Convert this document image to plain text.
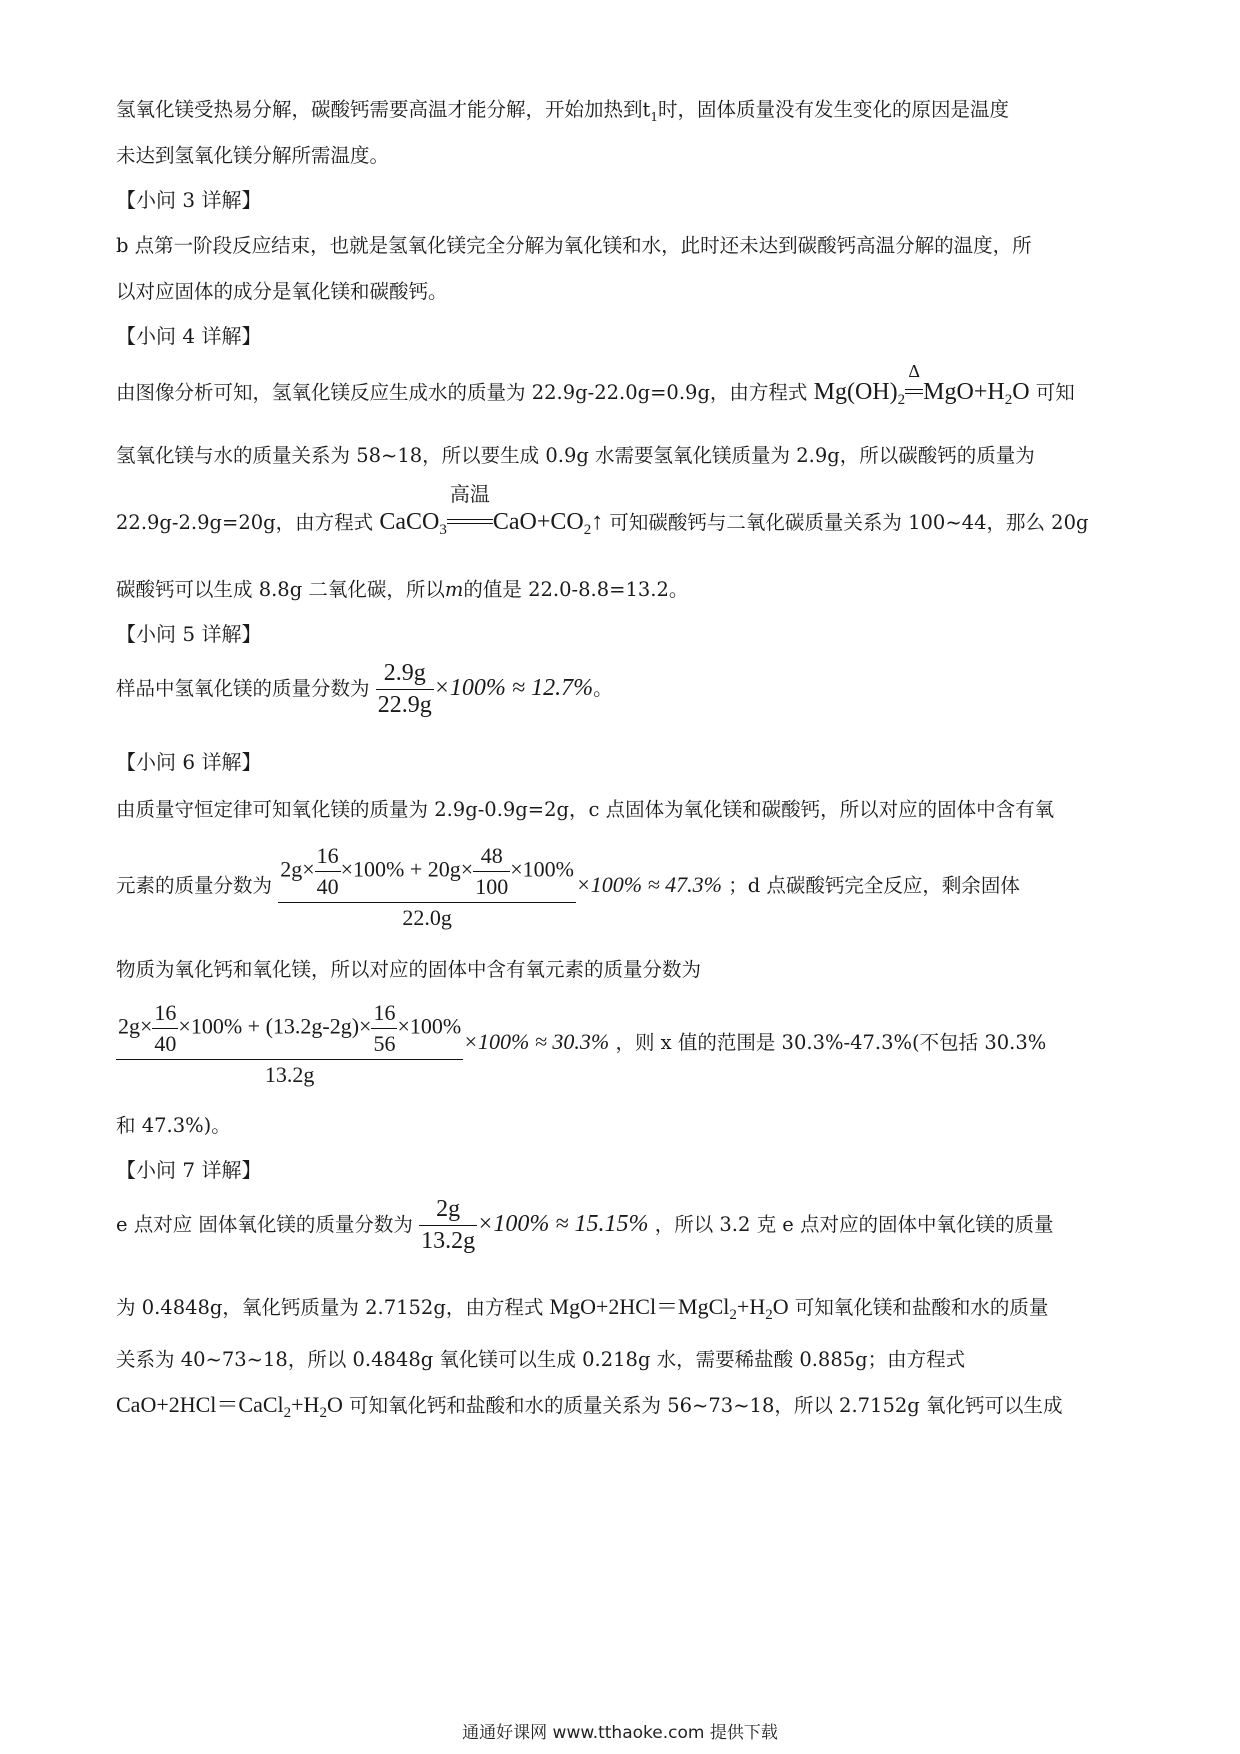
氢氧化镁受热易分解，碳酸钙需要高温才能分解，开始加热到$t_1$时，固体质量没有发生变化的原因是温度
未达到氢氧化镁分解所需温度。
【小问 3 详解】
b 点第一阶段反应结束，也就是氢氧化镁完全分解为氧化镁和水，此时还未达到碳酸钙高温分解的温度，所
以对应固体的成分是氧化镁和碳酸钙。
【小问 4 详解】
由图像分析可知，氢氧化镁反应生成水的质量为 22.9g-22.0g=0.9g，由方程式 $Mg(OH)_2$
Δ
$MgO+H_2O$ 可知
氢氧化镁与水的质量关系为 58~18，所以要生成 0.9g 水需要氢氧化镁质量为 2.9g，所以碳酸钙的质量为
22.9g-2.9g=20g，由方程式 CaCO$_3$
高温
$CaO+CO_2↑$ 可知碳酸钙与二氧化碳质量关系为 100~44，那么 20g
碳酸钙可以生成 8.8g 二氧化碳，所以m的值是 22.0-8.8=13.2。
【小问 5 详解】
样品中氢氧化镁的质量分数为 $\frac{2.9g}{22.9g} \times 100\% \approx 12.7\%$。
【小问 6 详解】
由质量守恒定律可知氧化镁的质量为 2.9g-0.9g=2g，c 点固体为氧化镁和碳酸钙，所以对应的固体中含有氧
元素的质量分数为 $\frac{2g\times \frac{16}{40} \times 100\% + 20g\times \frac{48}{100} \times 100\%}{22.0g} \times 100\% \approx 47.3\%$ ；d 点碳酸钙完全反应，剩余固体
物质为氧化钙和氧化镁，所以对应的固体中含有氧元素的质量分数为
$\frac{2g\times \frac{16}{40} \times 100\% + (13.2g-2g)\times \frac{16}{56} \times 100\%}{13.2g} \times 100\% \approx 30.3\%$ ，则 x 值的范围是 30.3%-47.3%(不包括 30.3%
和 47.3%)。
【小问 7 详解】
e 点对应 固体氧化镁的质量分数为 $\frac{2g}{13.2g} \times 100\% \approx 15.15\%$ ，所以 3.2 克 e 点对应的固体中氧化镁的质量
为 0.4848g，氧化钙质量为 2.7152g，由方程式 $MgO+2HCl=MgCl_2+H_2O$ 可知氧化镁和盐酸和水的质量
关系为 40~73~18，所以 0.4848g 氧化镁可以生成 0.218g 水，需要稀盐酸 0.885g；由方程式
$CaO+2HCl=CaCl_2+H_2O$ 可知氧化钙和盐酸和水的质量关系为 56~73~18，所以 2.7152g 氧化钙可以生成
通通好课网 www.tthaoke.com 提供下载
